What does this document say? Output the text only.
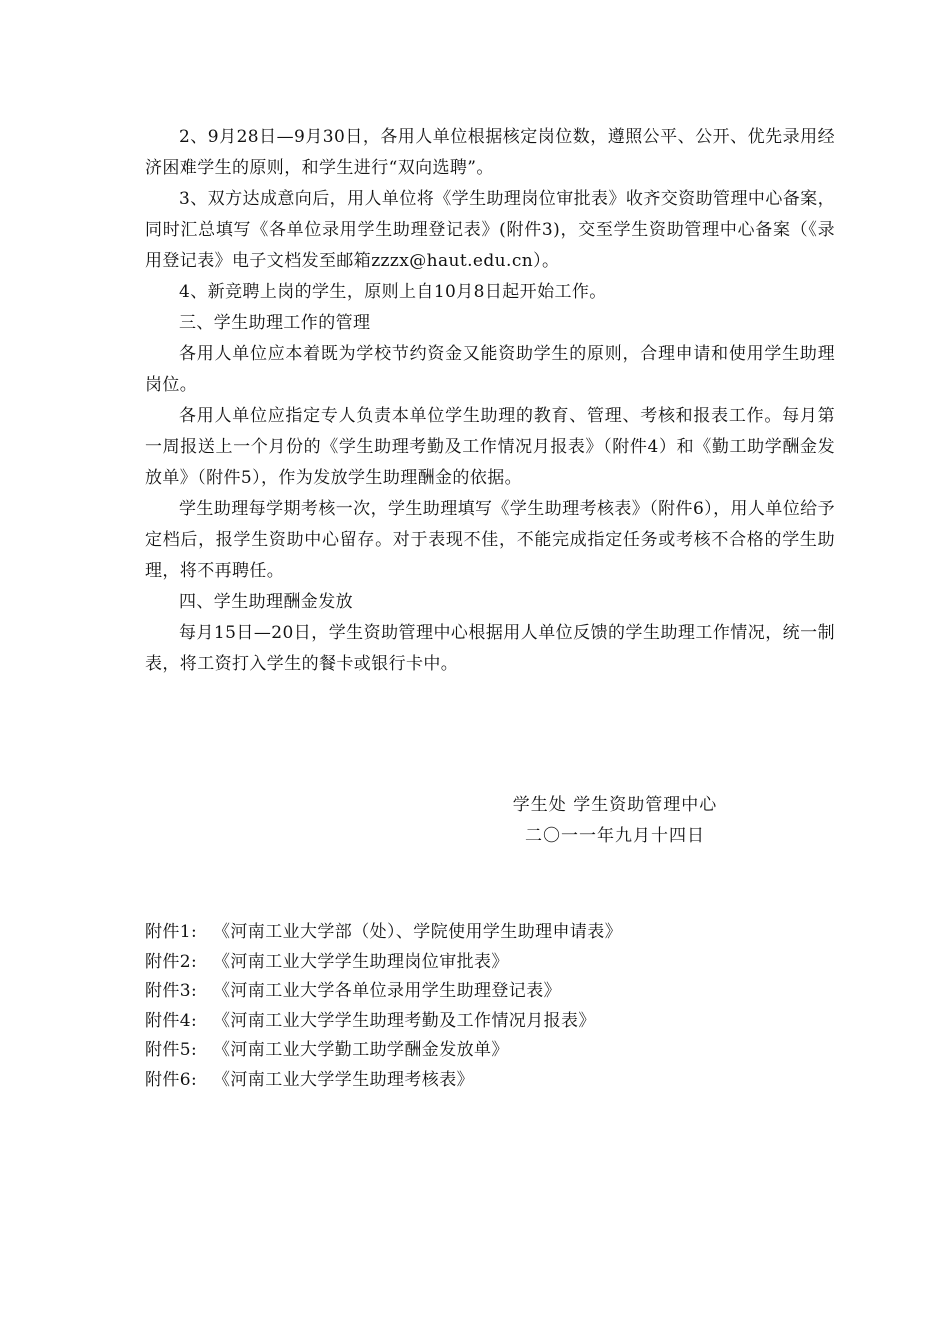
2、9月28日—9月30日，各用人单位根据核定岗位数，遵照公平、公开、优先录用经济困难学生的原则，和学生进行“双向选聘”。

3、双方达成意向后，用人单位将《学生助理岗位审批表》收齐交资助管理中心备案，同时汇总填写《各单位录用学生助理登记表》(附件3)，交至学生资助管理中心备案（《录用登记表》电子文档发至邮箱zzzx@haut.edu.cn）。

4、新竞聘上岗的学生，原则上自10月8日起开始工作。

三、学生助理工作的管理

各用人单位应本着既为学校节约资金又能资助学生的原则，合理申请和使用学生助理岗位。

各用人单位应指定专人负责本单位学生助理的教育、管理、考核和报表工作。每月第一周报送上一个月份的《学生助理考勤及工作情况月报表》（附件4）和《勤工助学酬金发放单》（附件5），作为发放学生助理酬金的依据。

学生助理每学期考核一次，学生助理填写《学生助理考核表》（附件6），用人单位给予定档后，报学生资助中心留存。对于表现不佳，不能完成指定任务或考核不合格的学生助理，将不再聘任。

四、学生助理酬金发放

每月15日—20日，学生资助管理中心根据用人单位反馈的学生助理工作情况，统一制表，将工资打入学生的餐卡或银行卡中。

学生处 学生资助管理中心
二〇一一年九月十四日
附件1: 《河南工业大学部（处）、学院使用学生助理申请表》
附件2: 《河南工业大学学生助理岗位审批表》
附件3: 《河南工业大学各单位录用学生助理登记表》
附件4: 《河南工业大学学生助理考勤及工作情况月报表》
附件5: 《河南工业大学勤工助学酬金发放单》
附件6: 《河南工业大学学生助理考核表》
